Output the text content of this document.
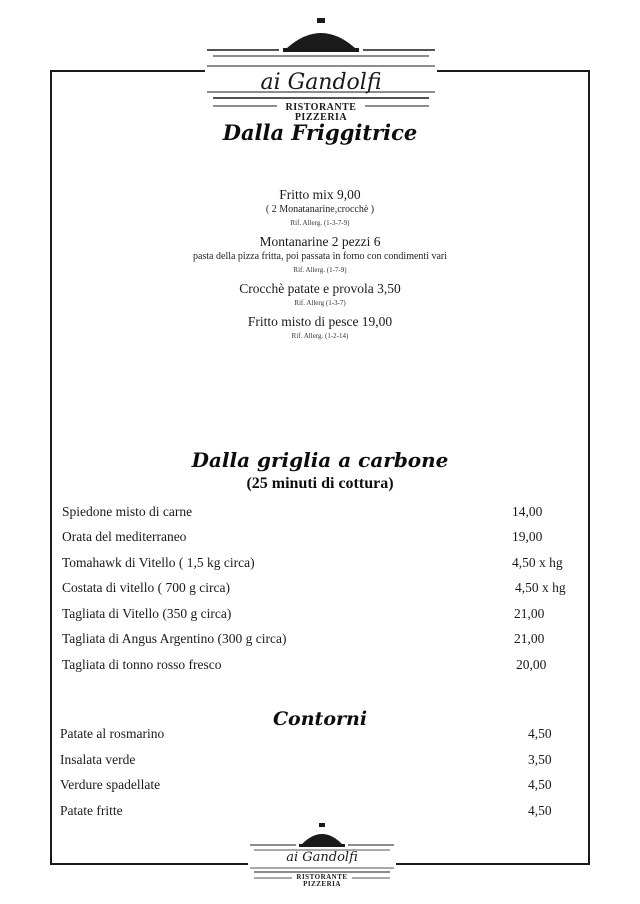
ai Gandolfi
RISTORANTE
PIZZERIA
Dalla Friggitrice
Fritto mix 9,00
( 2 Monatanarine,crocchè )
Rif. Allerg. (1-3-7-9)
Montanarine 2 pezzi 6
pasta della pizza fritta, poi passata in forno con condimenti vari
Rif. Allerg. (1-7-9)
Crocchè patate e provola 3,50
Rif. Allerg (1-3-7)
Fritto misto di pesce 19,00
Rif. Allerg. (1-2-14)
Dalla griglia a carbone
(25 minuti di cottura)
Spiedone misto di carne	14,00
Orata del mediterraneo	19,00
Tomahawk di Vitello ( 1,5 kg circa)	4,50 x hg
Costata di vitello ( 700 g circa)	4,50 x hg
Tagliata di Vitello (350 g circa)	21,00
Tagliata di Angus Argentino (300 g circa)	21,00
Tagliata di tonno rosso fresco	20,00
Contorni
Patate al rosmarino	4,50
Insalata verde	3,50
Verdure spadellate	4,50
Patate fritte	4,50
ai Gandolfi
RISTORANTE
PIZZERIA
